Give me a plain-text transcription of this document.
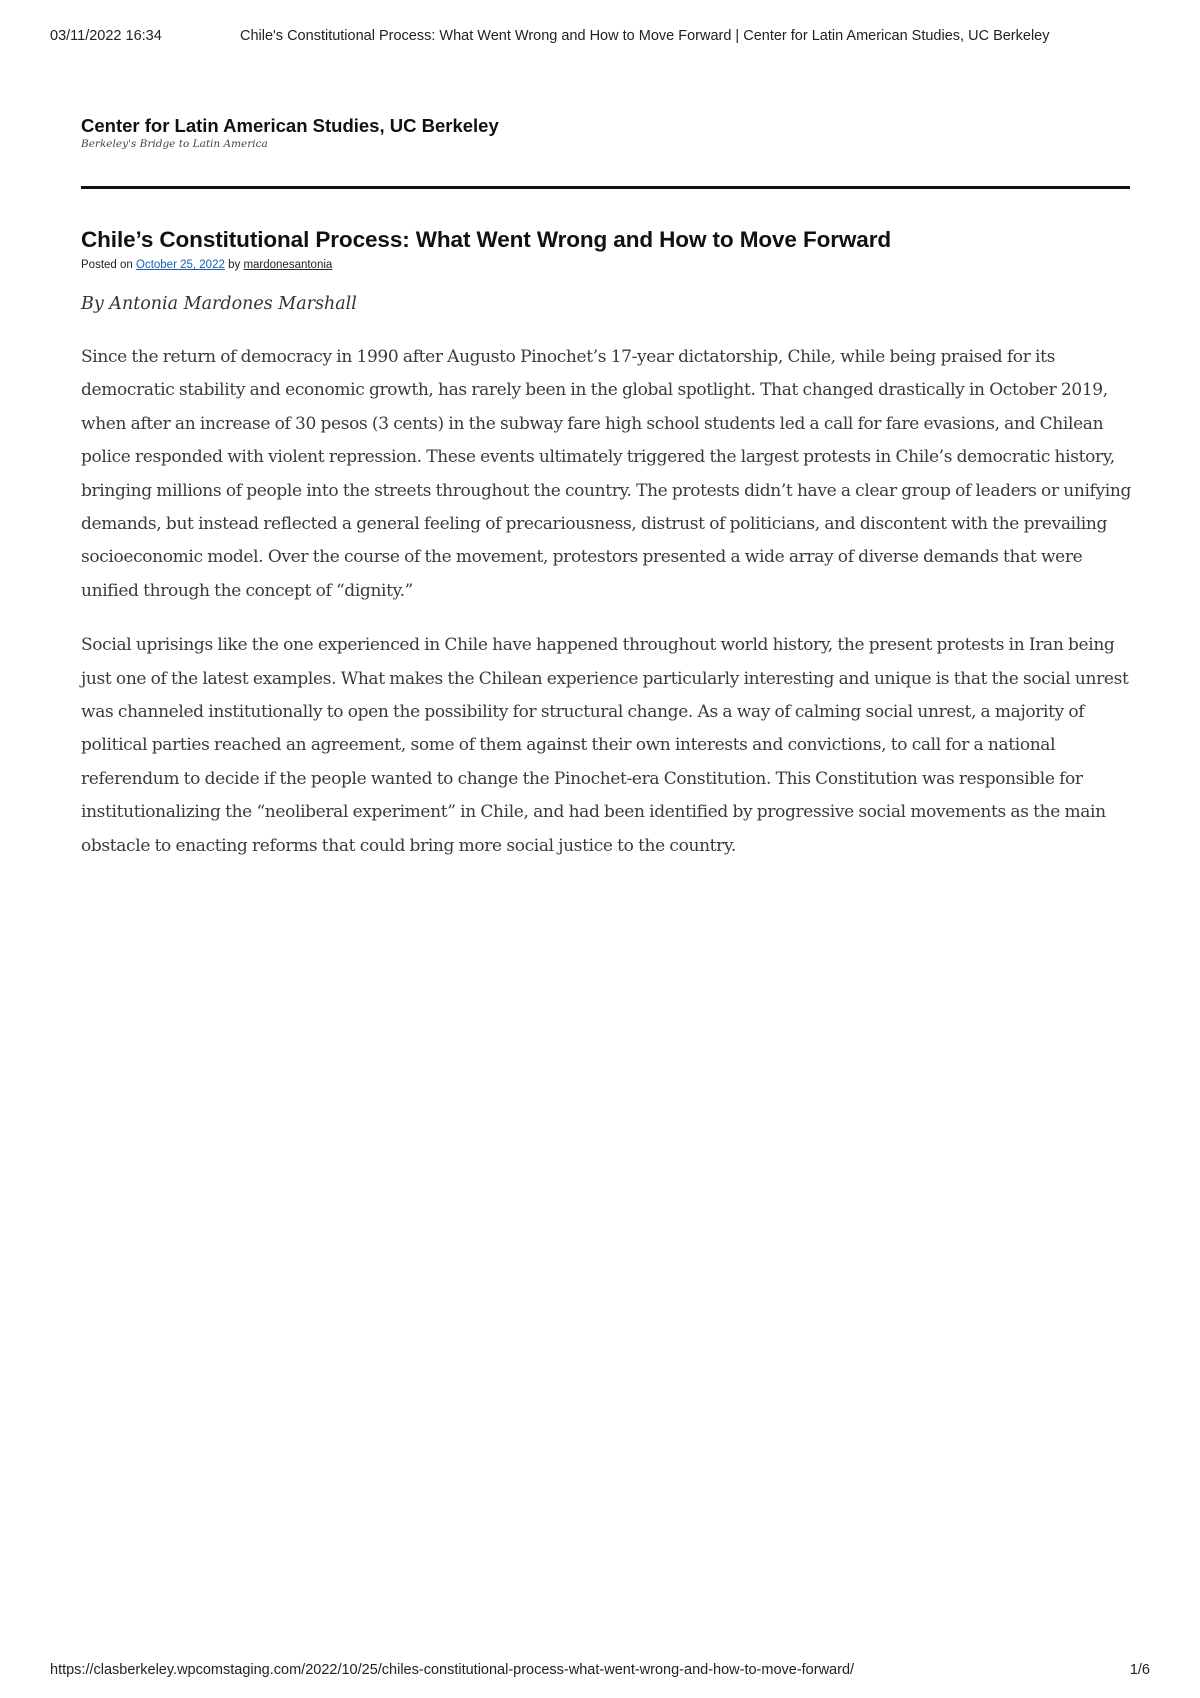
03/11/2022 16:34	Chile's Constitutional Process: What Went Wrong and How to Move Forward | Center for Latin American Studies, UC Berkeley
Center for Latin American Studies, UC Berkeley
Berkeley's Bridge to Latin America
Chile’s Constitutional Process: What Went Wrong and How to Move Forward
Posted on October 25, 2022 by mardonesantonia
By Antonia Mardones Marshall

Since the return of democracy in 1990 after Augusto Pinochet’s 17-year dictatorship, Chile, while being praised for its democratic stability and economic growth, has rarely been in the global spotlight. That changed drastically in October 2019, when after an increase of 30 pesos (3 cents) in the subway fare high school students led a call for fare evasions, and Chilean police responded with violent repression. These events ultimately triggered the largest protests in Chile’s democratic history, bringing millions of people into the streets throughout the country. The protests didn’t have a clear group of leaders or unifying demands, but instead reflected a general feeling of precariousness, distrust of politicians, and discontent with the prevailing socioeconomic model. Over the course of the movement, protestors presented a wide array of diverse demands that were unified through the concept of “dignity.”

Social uprisings like the one experienced in Chile have happened throughout world history, the present protests in Iran being just one of the latest examples. What makes the Chilean experience particularly interesting and unique is that the social unrest was channeled institutionally to open the possibility for structural change. As a way of calming social unrest, a majority of political parties reached an agreement, some of them against their own interests and convictions, to call for a national referendum to decide if the people wanted to change the Pinochet-era Constitution. This Constitution was responsible for institutionalizing the “neoliberal experiment” in Chile, and had been identified by progressive social movements as the main obstacle to enacting reforms that could bring more social justice to the country.

https://clasberkeley.wpcomstaging.com/2022/10/25/chiles-constitutional-process-what-went-wrong-and-how-to-move-forward/	1/6
